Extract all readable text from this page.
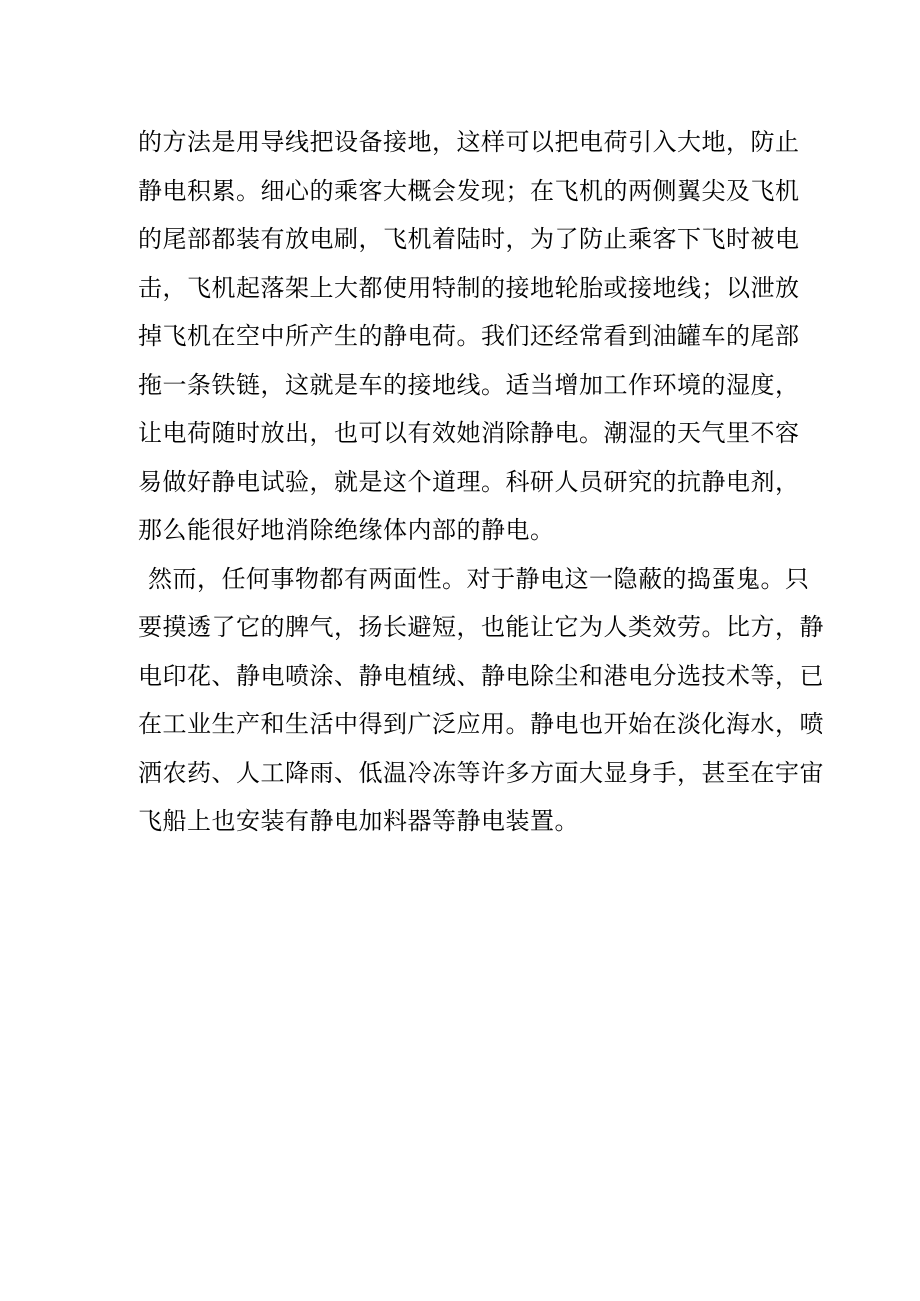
的方法是用导线把设备接地，这样可以把电荷引入大地，防止
静电积累。细心的乘客大概会发现；在飞机的两侧翼尖及飞机
的尾部都装有放电刷，飞机着陆时，为了防止乘客下飞时被电
击，飞机起落架上大都使用特制的接地轮胎或接地线；以泄放
掉飞机在空中所产生的静电荷。我们还经常看到油罐车的尾部
拖一条铁链，这就是车的接地线。适当增加工作环境的湿度，
让电荷随时放出，也可以有效她消除静电。潮湿的天气里不容
易做好静电试验，就是这个道理。科研人员研究的抗静电剂，
那么能很好地消除绝缘体内部的静电。
然而，任何事物都有两面性。对于静电这一隐蔽的捣蛋鬼。只
要摸透了它的脾气，扬长避短，也能让它为人类效劳。比方，静
电印花、静电喷涂、静电植绒、静电除尘和港电分选技术等，已
在工业生产和生活中得到广泛应用。静电也开始在淡化海水，喷
洒农药、人工降雨、低温冷冻等许多方面大显身手，甚至在宇宙
飞船上也安装有静电加料器等静电装置。
